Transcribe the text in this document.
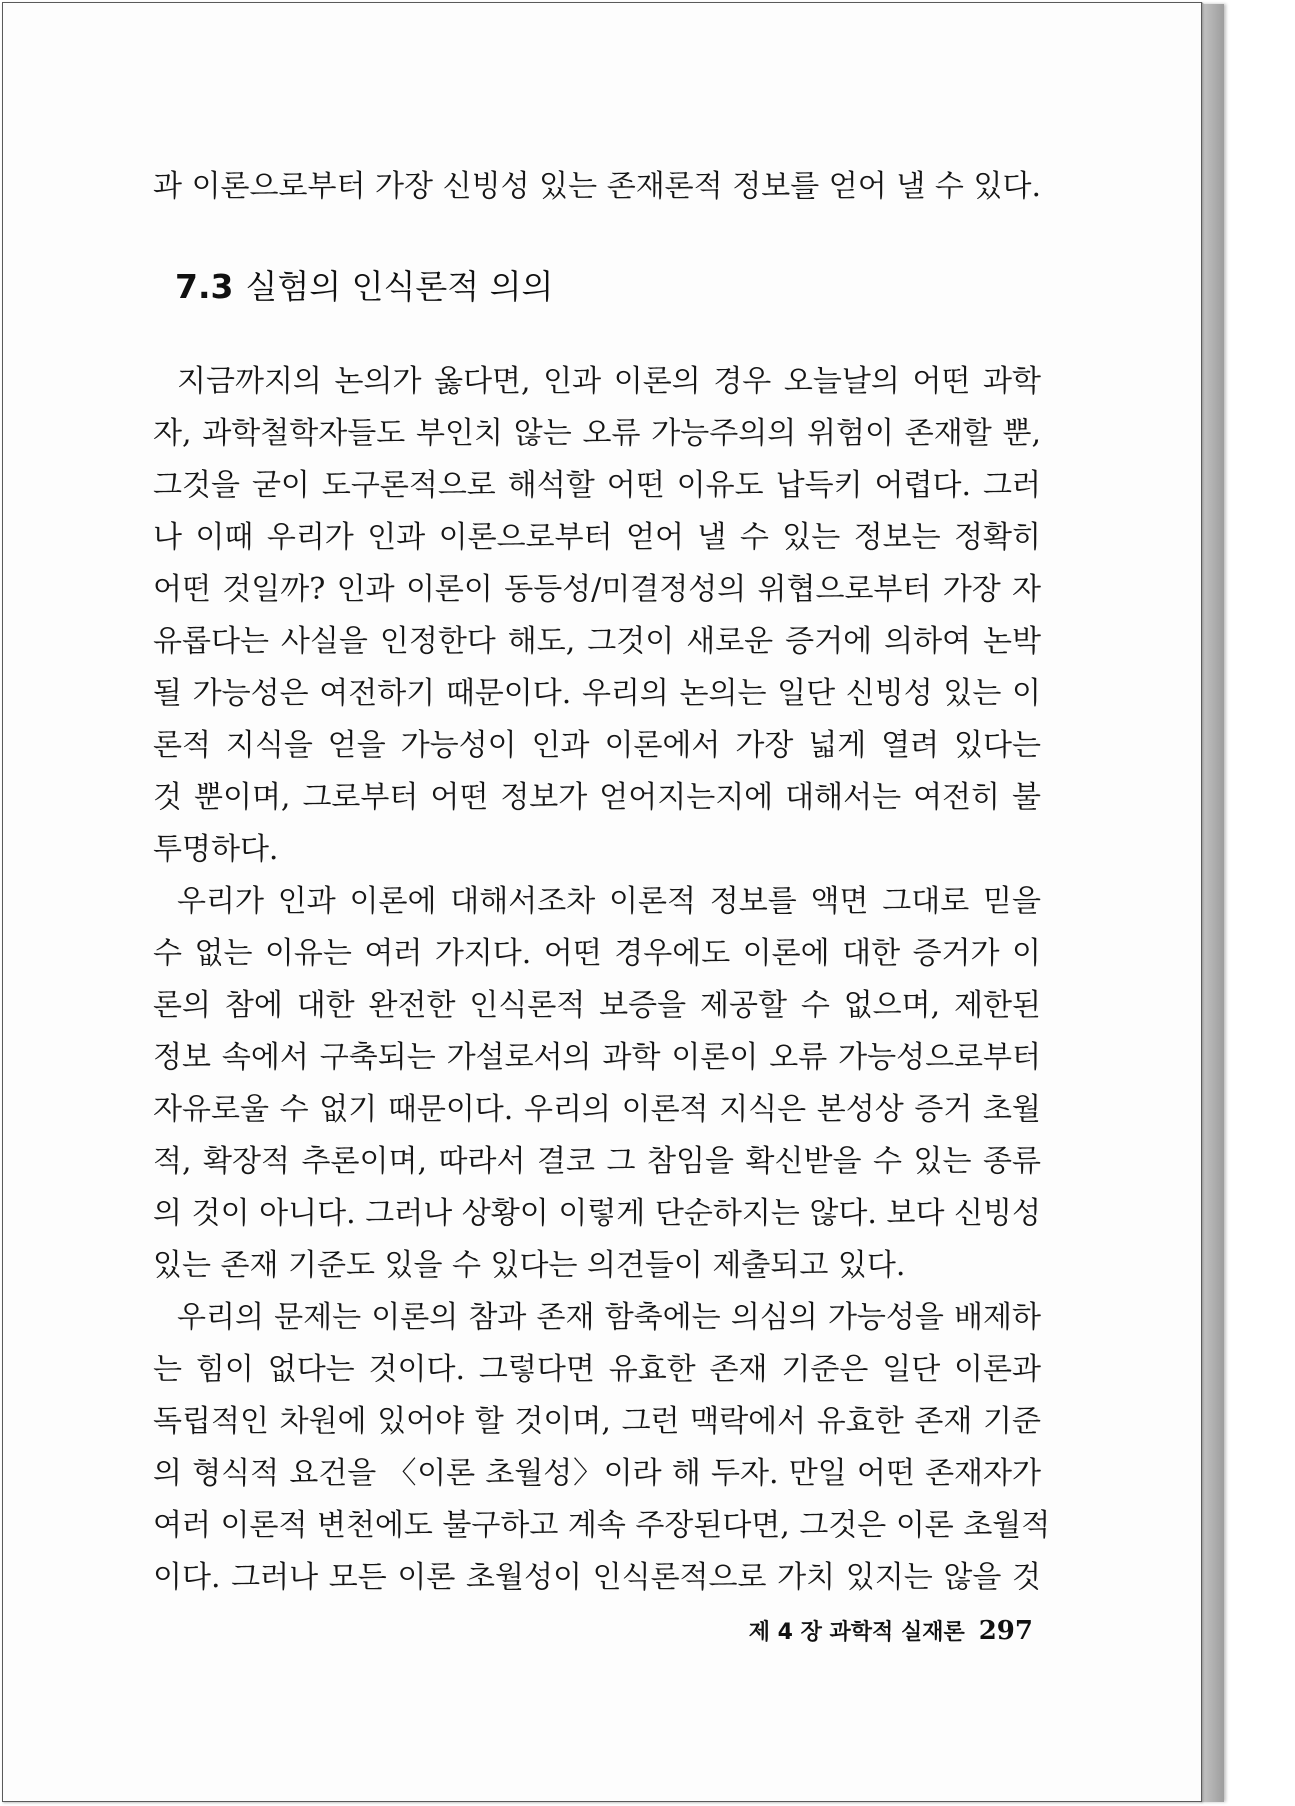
과 이론으로부터 가장 신빙성 있는 존재론적 정보를 얻어 낼 수 있다.
7.3 실험의 인식론적 의의
지금까지의 논의가 옳다면, 인과 이론의 경우 오늘날의 어떤 과학
자, 과학철학자들도 부인치 않는 오류 가능주의의 위험이 존재할 뿐,
그것을 굳이 도구론적으로 해석할 어떤 이유도 납득키 어렵다. 그러
나 이때 우리가 인과 이론으로부터 얻어 낼 수 있는 정보는 정확히
어떤 것일까? 인과 이론이 동등성/미결정성의 위협으로부터 가장 자
유롭다는 사실을 인정한다 해도, 그것이 새로운 증거에 의하여 논박
될 가능성은 여전하기 때문이다. 우리의 논의는 일단 신빙성 있는 이
론적 지식을 얻을 가능성이 인과 이론에서 가장 넓게 열려 있다는
것 뿐이며, 그로부터 어떤 정보가 얻어지는지에 대해서는 여전히 불
투명하다.
우리가 인과 이론에 대해서조차 이론적 정보를 액면 그대로 믿을
수 없는 이유는 여러 가지다. 어떤 경우에도 이론에 대한 증거가 이
론의 참에 대한 완전한 인식론적 보증을 제공할 수 없으며, 제한된
정보 속에서 구축되는 가설로서의 과학 이론이 오류 가능성으로부터
자유로울 수 없기 때문이다. 우리의 이론적 지식은 본성상 증거 초월
적, 확장적 추론이며, 따라서 결코 그 참임을 확신받을 수 있는 종류
의 것이 아니다. 그러나 상황이 이렇게 단순하지는 않다. 보다 신빙성
있는 존재 기준도 있을 수 있다는 의견들이 제출되고 있다.
우리의 문제는 이론의 참과 존재 함축에는 의심의 가능성을 배제하
는 힘이 없다는 것이다. 그렇다면 유효한 존재 기준은 일단 이론과
독립적인 차원에 있어야 할 것이며, 그런 맥락에서 유효한 존재 기준
의 형식적 요건을 〈이론 초월성〉이라 해 두자. 만일 어떤 존재자가
여러 이론적 변천에도 불구하고 계속 주장된다면, 그것은 이론 초월적
이다. 그러나 모든 이론 초월성이 인식론적으로 가치 있지는 않을 것
제 4 장 과학적 실재론 297
